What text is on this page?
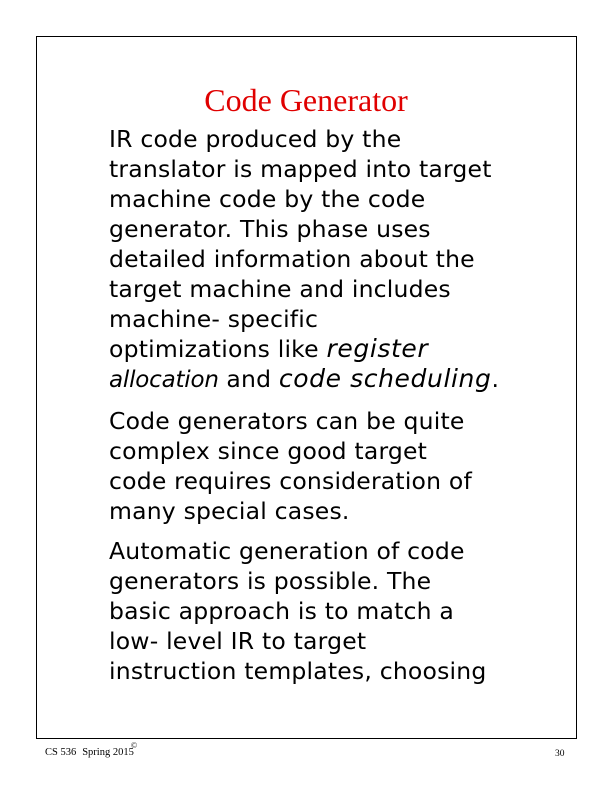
Code Generator
IR code produced by the
translator is mapped into target
machine code by the code
generator. This phase uses
detailed information about the
target machine and includes
machine- specific
optimizations like register
allocation and code scheduling.
Code generators can be quite
complex since good target
code requires consideration of
many special cases.
Automatic generation of code
generators is possible. The
basic approach is to match a
low- level IR to target
instruction templates, choosing
CS 536 Spring 2015
©
30
